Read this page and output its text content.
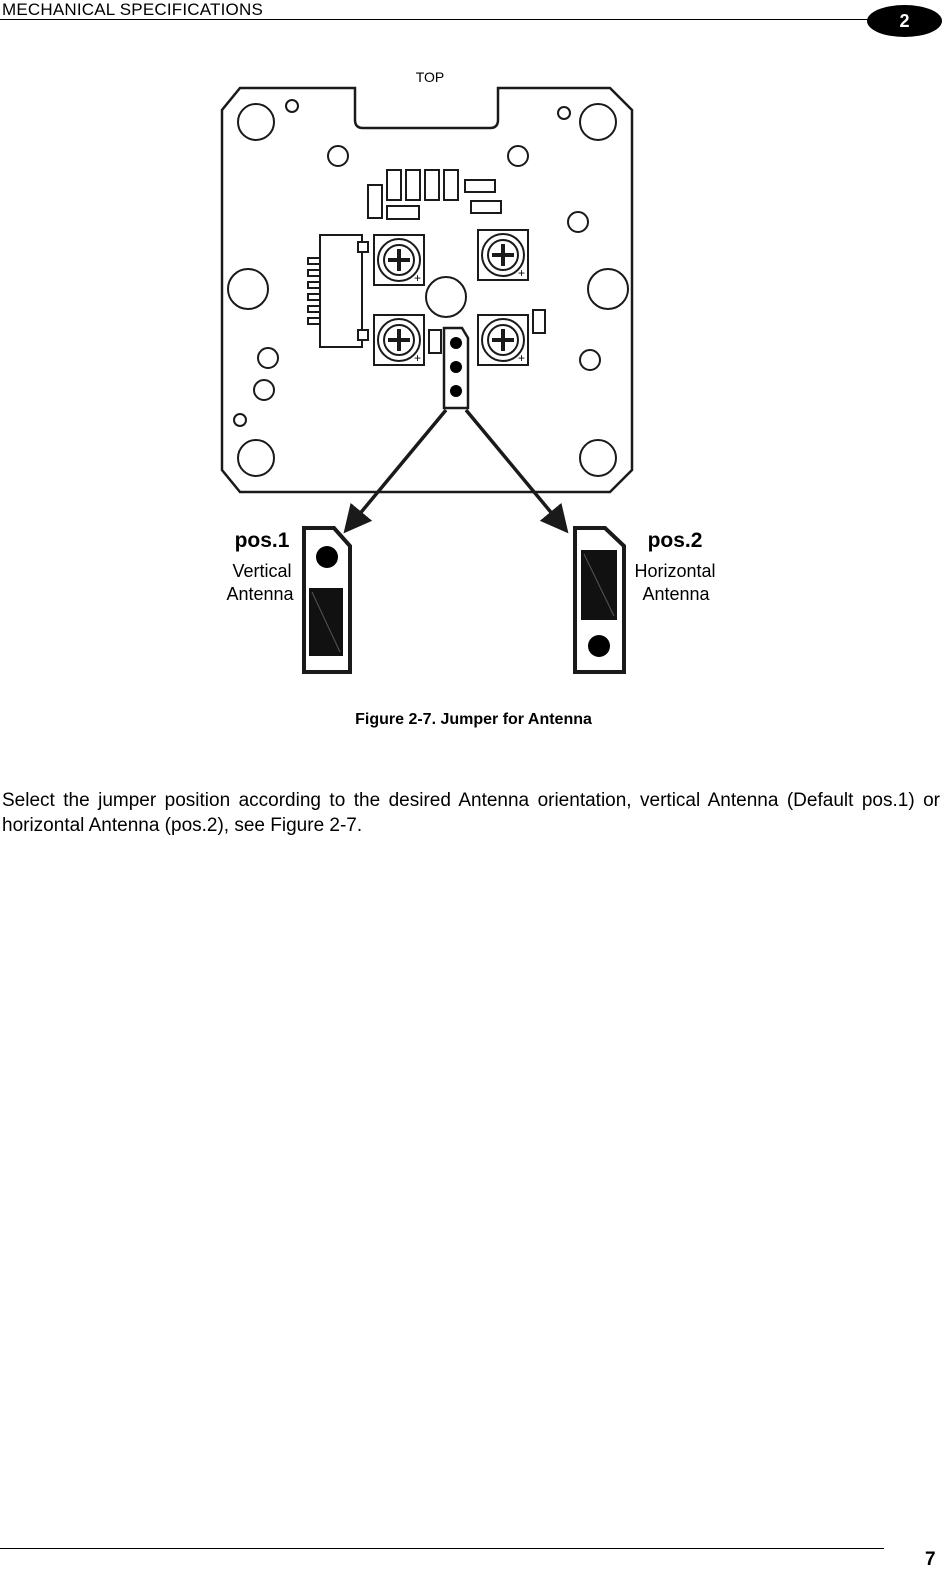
MECHANICAL SPECIFICATIONS
2
TOP
+	+
+	+
pos.1
Vertical
Antenna
pos.2
Horizontal
Antenna
Figure 2-7. Jumper for Antenna
Select the jumper position according to the desired Antenna orientation, vertical Antenna (Default pos.1) or horizontal Antenna (pos.2), see Figure 2-7.
7
